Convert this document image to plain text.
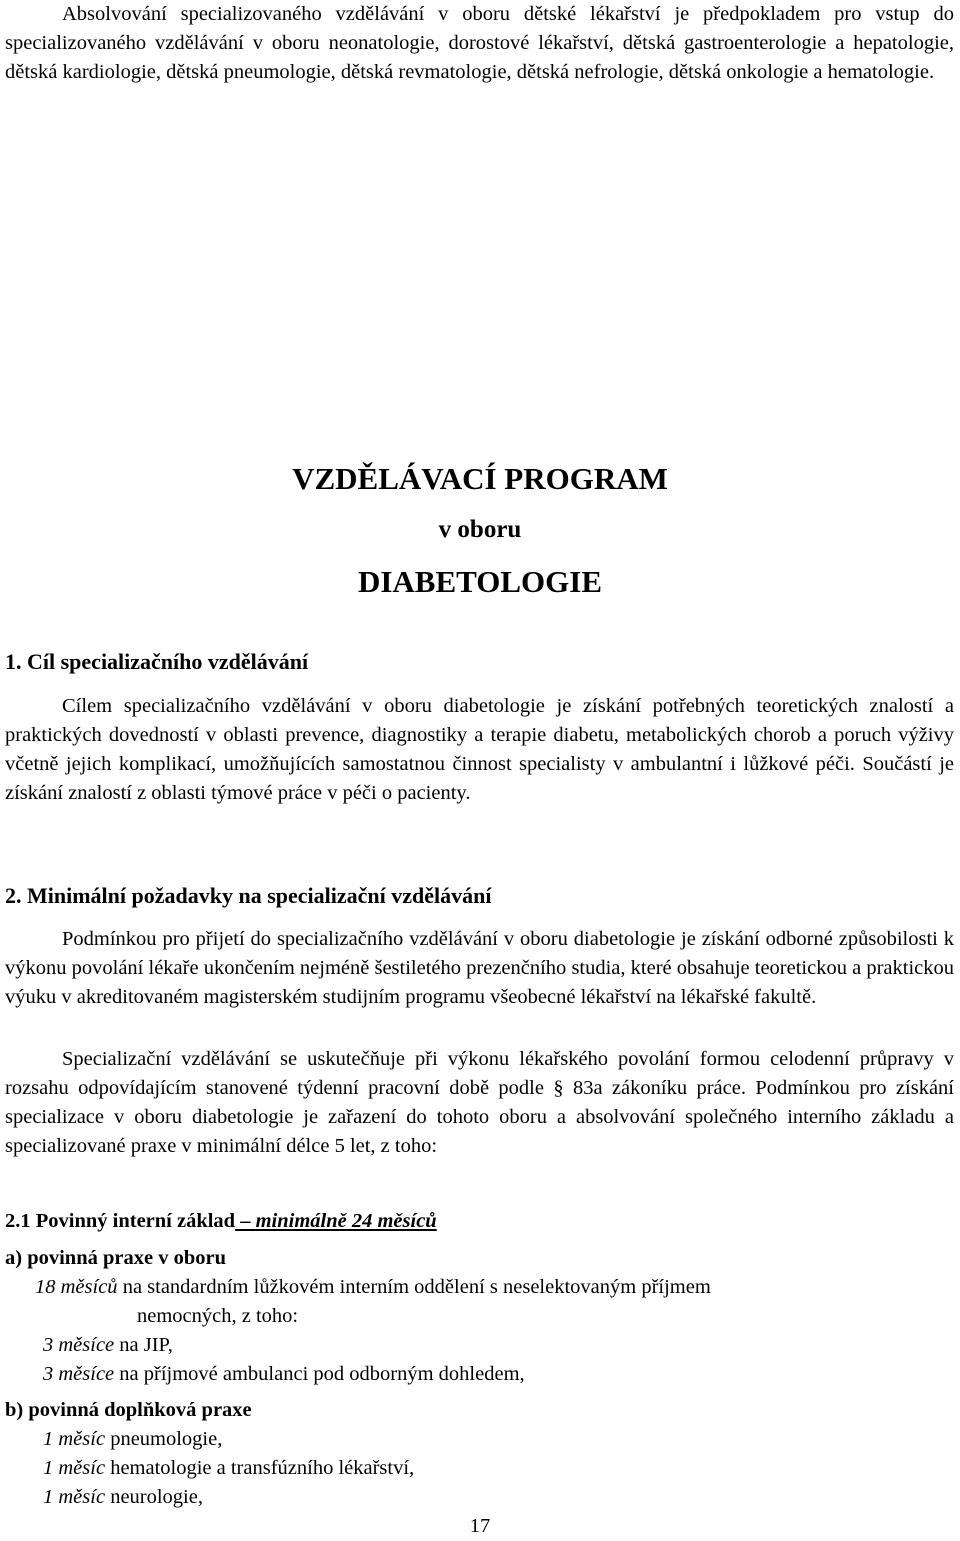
Absolvování specializovaného vzdělávání v oboru dětské lékařství je předpokladem pro vstup do specializovaného vzdělávání v oboru neonatologie, dorostové lékařství, dětská gastroenterologie a hepatologie, dětská kardiologie, dětská pneumologie, dětská revmatologie, dětská nefrologie, dětská onkologie a hematologie.

VZDĚLÁVACÍ PROGRAM
v oboru
DIABETOLOGIE
1. Cíl specializačního vzdělávání

Cílem specializačního vzdělávání v oboru diabetologie je získání potřebných teoretických znalostí a praktických dovedností v oblasti prevence, diagnostiky a terapie diabetu, metabolických chorob a poruch výživy včetně jejich komplikací, umožňujících samostatnou činnost specialisty v ambulantní i lůžkové péči. Součástí je získání znalostí z oblasti týmové práce v péči o pacienty.

2. Minimální požadavky na specializační vzdělávání

Podmínkou pro přijetí do specializačního vzdělávání v oboru diabetologie je získání odborné způsobilosti k výkonu povolání lékaře ukončením nejméně šestiletého prezenčního studia, které obsahuje teoretickou a praktickou výuku v akreditovaném magisterském studijním programu všeobecné lékařství na lékařské fakultě.

Specializační vzdělávání se uskutečňuje při výkonu lékařského povolání formou celodenní průpravy v rozsahu odpovídajícím stanovené týdenní pracovní době podle § 83a zákoníku práce. Podmínkou pro získání specializace v oboru diabetologie je zařazení do tohoto oboru a absolvování společného interního základu a specializované praxe v minimální délce 5 let, z toho:

2.1 Povinný interní základ – minimálně 24 měsíců
a) povinná praxe v oboru
18 měsíců na standardním lůžkovém interním oddělení s neselektovaným příjmem
nemocných, z toho:
3 měsíce na JIP,
3 měsíce na příjmové ambulanci pod odborným dohledem,
b) povinná doplňková praxe
1 měsíc pneumologie,
1 měsíc hematologie a transfúzního lékařství,
1 měsíc neurologie,
17
